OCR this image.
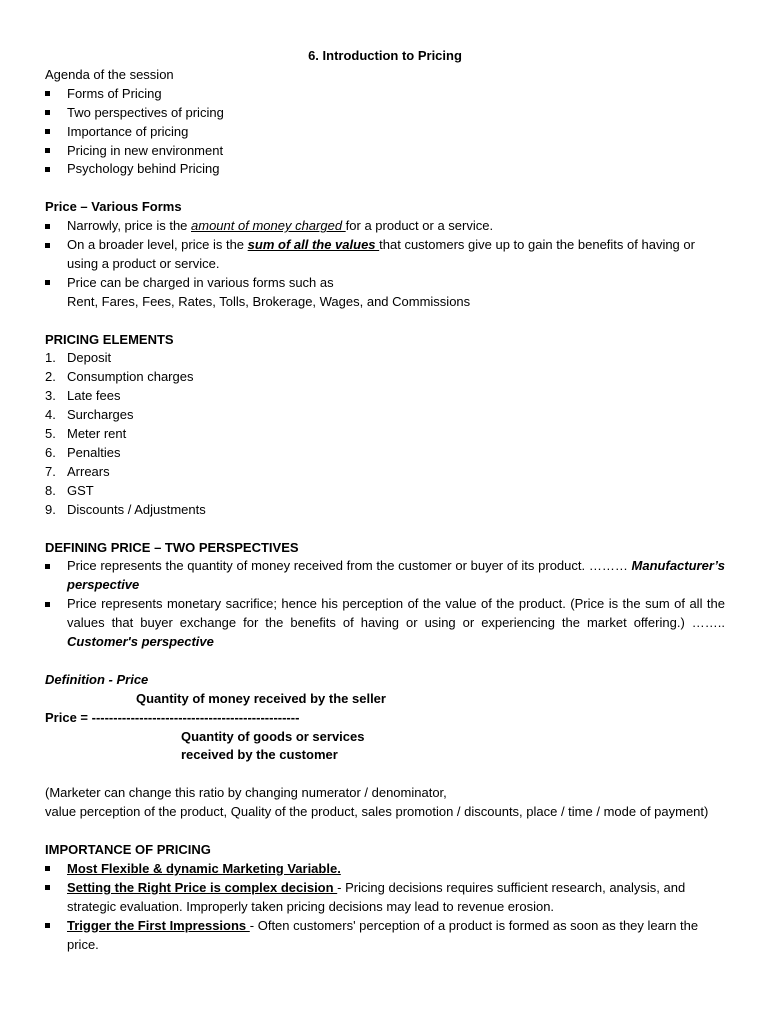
6. Introduction to Pricing
Agenda of the session
Forms of Pricing
Two perspectives of pricing
Importance of pricing
Pricing in new environment
Psychology behind Pricing
Price – Various Forms
Narrowly, price is the amount of money charged for a product or a service.
On a broader level, price is the sum of all the values that customers give up to gain the benefits of having or using a product or service.
Price can be charged in various forms such as
Rent, Fares, Fees, Rates, Tolls, Brokerage, Wages, and Commissions
PRICING ELEMENTS
1. Deposit
2. Consumption charges
3. Late fees
4. Surcharges
5. Meter rent
6. Penalties
7. Arrears
8. GST
9. Discounts / Adjustments
DEFINING PRICE – TWO PERSPECTIVES
Price represents the quantity of money received from the customer or buyer of its product. ……… Manufacturer’s perspective
Price represents monetary sacrifice; hence his perception of the value of the product. (Price is the sum of all the values that buyer exchange for the benefits of having or using or experiencing the market offering.) …….. Customer's perspective
Definition - Price
Quantity of money received by the seller
Price = ------------------------------------------------
Quantity of goods or services
received by the customer
(Marketer can change this ratio by changing numerator / denominator,
value perception of the product, Quality of the product, sales promotion / discounts, place / time / mode of payment)
IMPORTANCE OF PRICING
Most Flexible & dynamic Marketing Variable.
Setting the Right Price is complex decision - Pricing decisions requires sufficient research, analysis, and strategic evaluation. Improperly taken pricing decisions may lead to revenue erosion.
Trigger the First Impressions - Often customers' perception of a product is formed as soon as they learn the price.
